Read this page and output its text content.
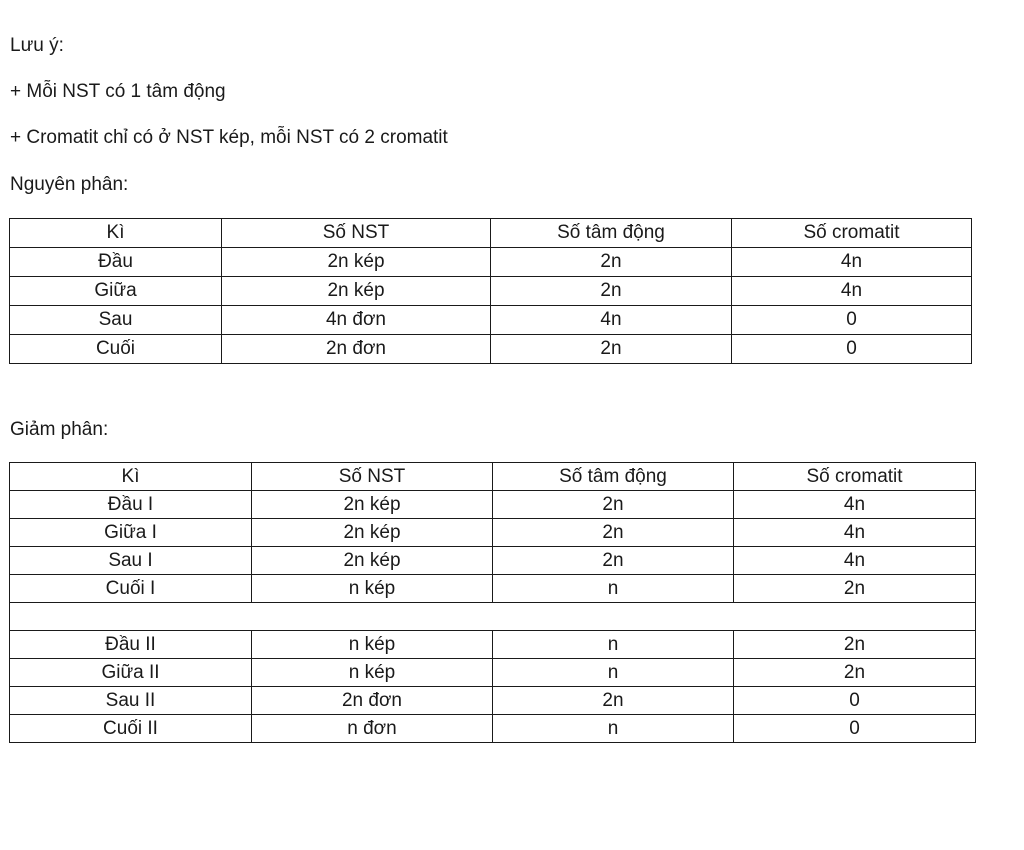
Lưu ý:
+ Mỗi NST có 1 tâm động
+ Cromatit chỉ có ở NST kép, mỗi NST có 2 cromatit
Nguyên phân:
Kì	Số NST	Số tâm động	Số cromatit
Đầu	2n kép	2n	4n
Giữa	2n kép	2n	4n
Sau	4n đơn	4n	0
Cuối	2n đơn	2n	0
Giảm phân:
Kì	Số NST	Số tâm động	Số cromatit
Đầu I	2n kép	2n	4n
Giữa I	2n kép	2n	4n
Sau I	2n kép	2n	4n
Cuối I	n kép	n	2n

Đầu II	n kép	n	2n
Giữa II	n kép	n	2n
Sau II	2n đơn	2n	0
Cuối II	n đơn	n	0
